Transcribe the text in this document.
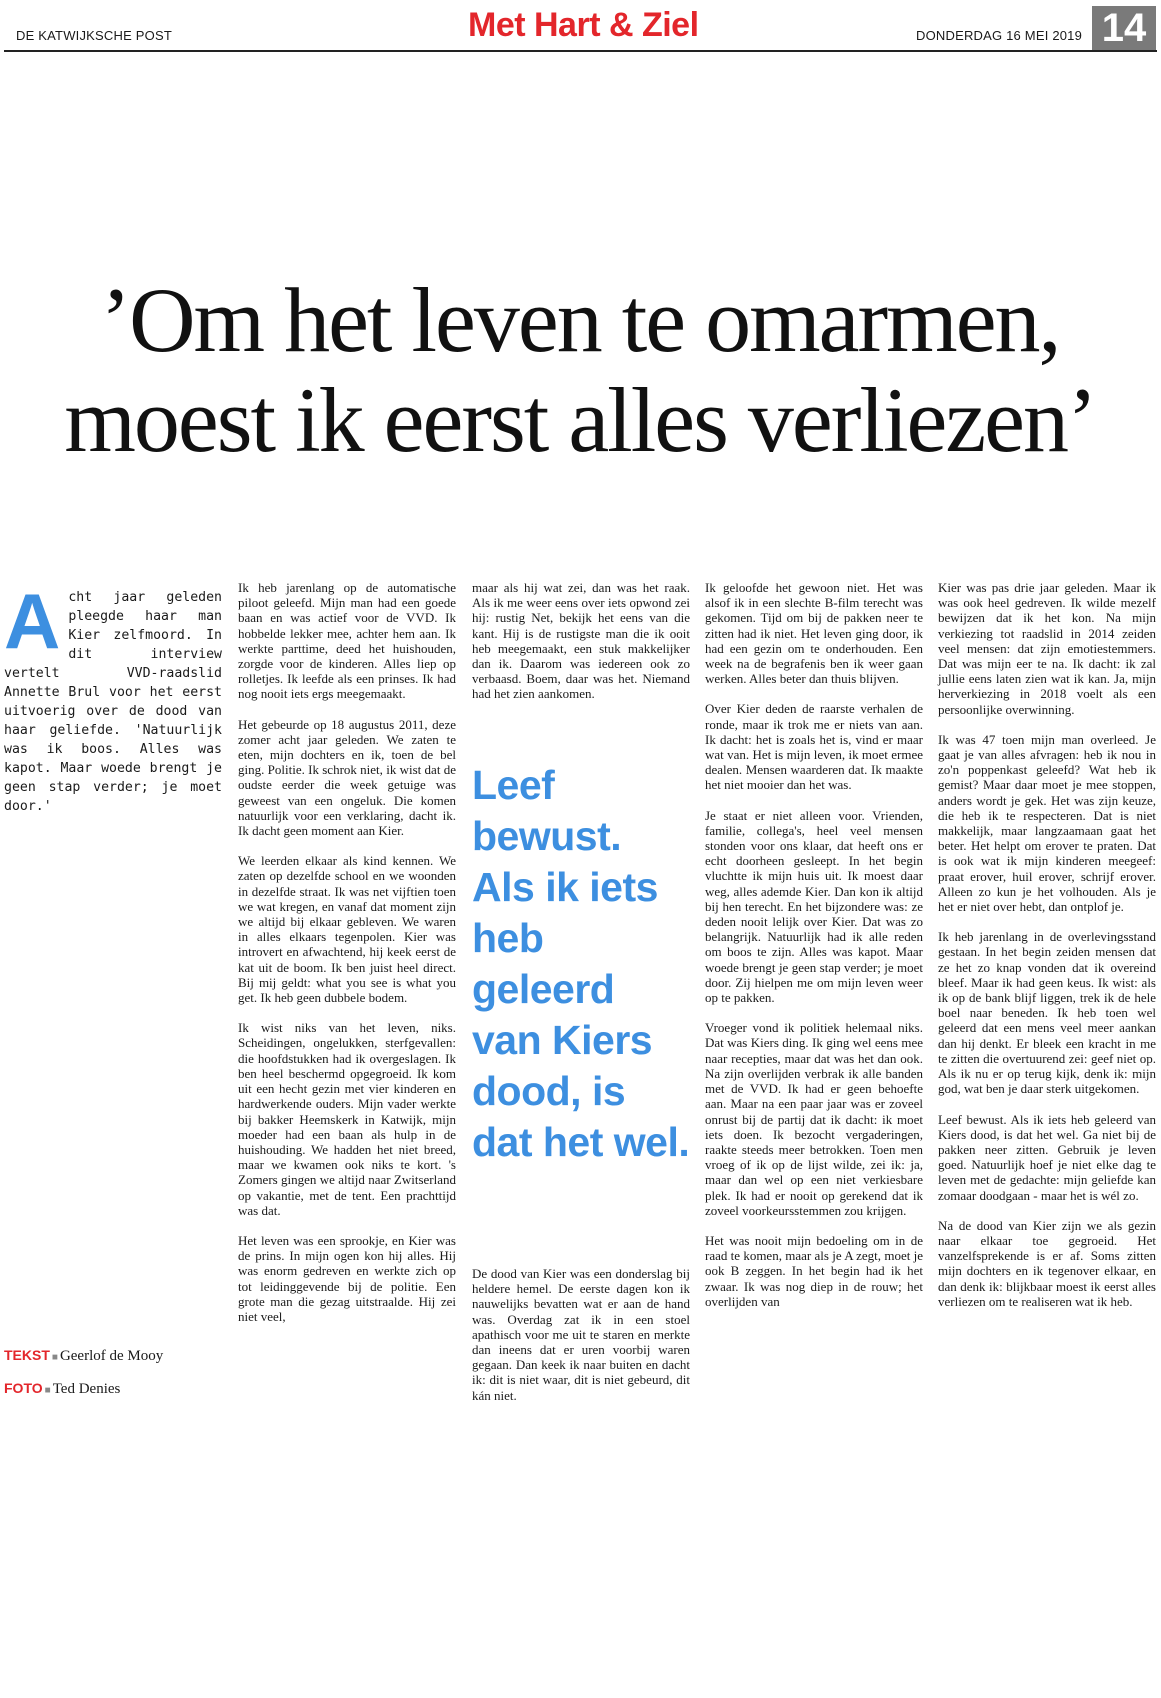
DE KATWIJKSCHE POST	Met Hart & Ziel	DONDERDAG 16 MEI 2019 14
’Om het leven te omarmen,
moest ik eerst alles verliezen’

Acht jaar geleden pleegde haar man Kier zelfmoord. In dit interview vertelt VVD-raadslid Annette Brul voor het eerst uitvoerig over de dood van haar geliefde. 'Natuurlijk was ik boos. Alles was kapot. Maar woede brengt je geen stap verder; je moet door.'

TEKST ■ Geerlof de Mooy
FOTO ■ Ted Denies

Ik heb jarenlang op de automatische piloot geleefd. Mijn man had een goede baan en was actief voor de VVD. Ik hobbelde lekker mee, achter hem aan. Ik werkte parttime, deed het huishouden, zorgde voor de kinderen. Alles liep op rolletjes. Ik leefde als een prinses. Ik had nog nooit iets ergs meegemaakt.

Het gebeurde op 18 augustus 2011, deze zomer acht jaar geleden. We zaten te eten, mijn dochters en ik, toen de bel ging. Politie. Ik schrok niet, ik wist dat de oudste eerder die week getuige was geweest van een ongeluk. Die komen natuurlijk voor een verklaring, dacht ik. Ik dacht geen moment aan Kier.

We leerden elkaar als kind kennen. We zaten op dezelfde school en we woonden in dezelfde straat. Ik was net vijftien toen we wat kregen, en vanaf dat moment zijn we altijd bij elkaar gebleven. We waren in alles elkaars tegenpolen. Kier was introvert en afwachtend, hij keek eerst de kat uit de boom. Ik ben juist heel direct. Bij mij geldt: what you see is what you get. Ik heb geen dubbele bodem.

Ik wist niks van het leven, niks. Scheidingen, ongelukken, sterfgevallen: die hoofdstukken had ik overgeslagen. Ik ben heel beschermd opgegroeid. Ik kom uit een hecht gezin met vier kinderen en hardwerkende ouders. Mijn vader werkte bij bakker Heemskerk in Katwijk, mijn moeder had een baan als hulp in de huishouding. We hadden het niet breed, maar we kwamen ook niks te kort. 's Zomers gingen we altijd naar Zwitserland op vakantie, met de tent. Een prachttijd was dat.

Het leven was een sprookje, en Kier was de prins. In mijn ogen kon hij alles. Hij was enorm gedreven en werkte zich op tot leidinggevende bij de politie. Een grote man die gezag uitstraalde. Hij zei niet veel,

maar als hij wat zei, dan was het raak. Als ik me weer eens over iets opwond zei hij: rustig Net, bekijk het eens van die kant. Hij is de rustigste man die ik ooit heb meegemaakt, een stuk makkelijker dan ik. Daarom was iedereen ook zo verbaasd. Boem, daar was het. Niemand had het zien aankomen.

Leef bewust. Als ik iets heb geleerd van Kiers dood, is dat het wel.

De dood van Kier was een donderslag bij heldere hemel. De eerste dagen kon ik nauwelijks bevatten wat er aan de hand was. Overdag zat ik in een stoel apathisch voor me uit te staren en merkte dan ineens dat er uren voorbij waren gegaan. Dan keek ik naar buiten en dacht ik: dit is niet waar, dit is niet gebeurd, dit kán niet.

Ik geloofde het gewoon niet. Het was alsof ik in een slechte B-film terecht was gekomen. Tijd om bij de pakken neer te zitten had ik niet. Het leven ging door, ik had een gezin om te onderhouden. Een week na de begrafenis ben ik weer gaan werken. Alles beter dan thuis blijven.

Over Kier deden de raarste verhalen de ronde, maar ik trok me er niets van aan. Ik dacht: het is zoals het is, vind er maar wat van. Het is mijn leven, ik moet ermee dealen. Mensen waarderen dat. Ik maakte het niet mooier dan het was.

Je staat er niet alleen voor. Vrienden, familie, collega's, heel veel mensen stonden voor ons klaar, dat heeft ons er echt doorheen gesleept. In het begin vluchtte ik mijn huis uit. Ik moest daar weg, alles ademde Kier. Dan kon ik altijd bij hen terecht. En het bijzondere was: ze deden nooit lelijk over Kier. Dat was zo belangrijk. Natuurlijk had ik alle reden om boos te zijn. Alles was kapot. Maar woede brengt je geen stap verder; je moet door. Zij hielpen me om mijn leven weer op te pakken.

Vroeger vond ik politiek helemaal niks. Dat was Kiers ding. Ik ging wel eens mee naar recepties, maar dat was het dan ook. Na zijn overlijden verbrak ik alle banden met de VVD. Ik had er geen behoefte aan. Maar na een paar jaar was er zoveel onrust bij de partij dat ik dacht: ik moet iets doen. Ik bezocht vergaderingen, raakte steeds meer betrokken. Toen men vroeg of ik op de lijst wilde, zei ik: ja, maar dan wel op een niet verkiesbare plek. Ik had er nooit op gerekend dat ik zoveel voorkeursstemmen zou krijgen.

Het was nooit mijn bedoeling om in de raad te komen, maar als je A zegt, moet je ook B zeggen. In het begin had ik het zwaar. Ik was nog diep in de rouw; het overlijden van

Kier was pas drie jaar geleden. Maar ik was ook heel gedreven. Ik wilde mezelf bewijzen dat ik het kon. Na mijn verkiezing tot raadslid in 2014 zeiden veel mensen: dat zijn emotiestemmers. Dat was mijn eer te na. Ik dacht: ik zal jullie eens laten zien wat ik kan. Ja, mijn herverkiezing in 2018 voelt als een persoonlijke overwinning.

Ik was 47 toen mijn man overleed. Je gaat je van alles afvragen: heb ik nou in zo'n poppenkast geleefd? Wat heb ik gemist? Maar daar moet je mee stoppen, anders wordt je gek. Het was zijn keuze, die heb ik te respecteren. Dat is niet makkelijk, maar langzaamaan gaat het beter. Het helpt om erover te praten. Dat is ook wat ik mijn kinderen meegeef: praat erover, huil erover, schrijf erover. Alleen zo kun je het volhouden. Als je het er niet over hebt, dan ontplof je.

Ik heb jarenlang in de overlevingsstand gestaan. In het begin zeiden mensen dat ze het zo knap vonden dat ik overeind bleef. Maar ik had geen keus. Ik wist: als ik op de bank blijf liggen, trek ik de hele boel naar beneden. Ik heb toen wel geleerd dat een mens veel meer aankan dan hij denkt. Er bleek een kracht in me te zitten die overtuurend zei: geef niet op. Als ik nu er op terug kijk, denk ik: mijn god, wat ben je daar sterk uitgekomen.

Leef bewust. Als ik iets heb geleerd van Kiers dood, is dat het wel. Ga niet bij de pakken neer zitten. Gebruik je leven goed. Natuurlijk hoef je niet elke dag te leven met de gedachte: mijn geliefde kan zomaar doodgaan - maar het is wél zo.

Na de dood van Kier zijn we als gezin naar elkaar toe gegroeid. Het vanzelfsprekende is er af. Soms zitten mijn dochters en ik tegenover elkaar, en dan denk ik: blijkbaar moest ik eerst alles verliezen om te realiseren wat ik heb.
